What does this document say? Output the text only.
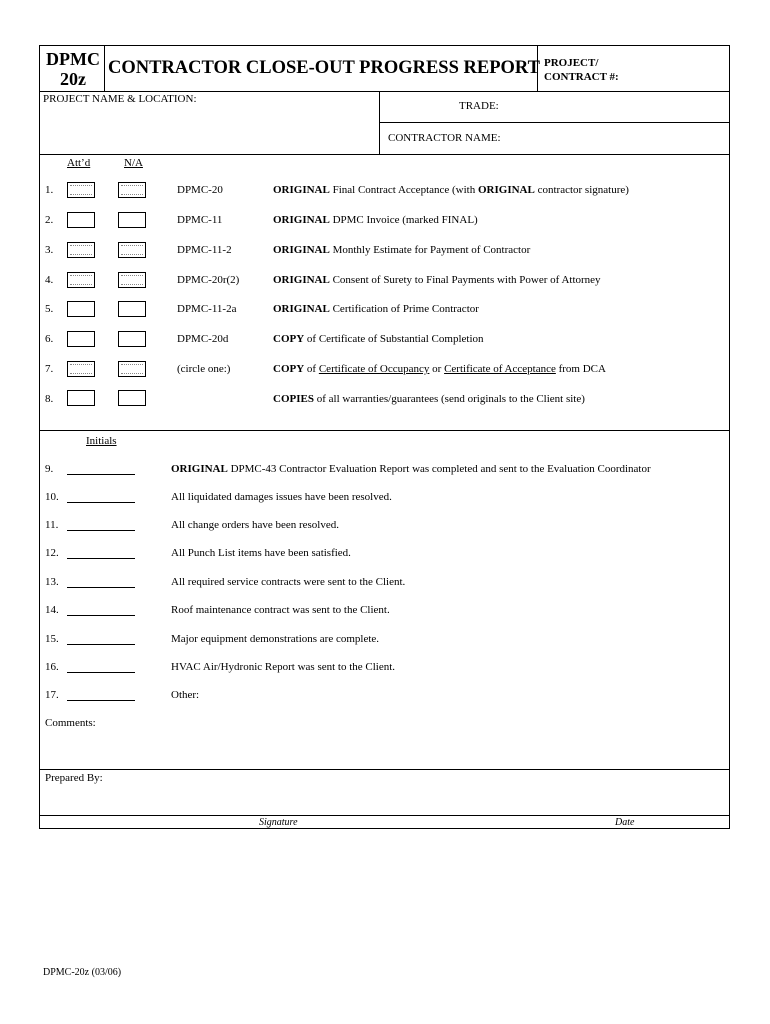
DPMC
20z
CONTRACTOR CLOSE-OUT PROGRESS REPORT PROJECT/
CONTRACT #:
PROJECT NAME & LOCATION:
TRADE:
CONTRACTOR NAME:
Att’d	N/A
1.	DPMC-20	ORIGINAL Final Contract Acceptance (with ORIGINAL contractor signature)
2.	DPMC-11	ORIGINAL DPMC Invoice (marked FINAL)
3.	DPMC-11-2	ORIGINAL Monthly Estimate for Payment of Contractor
4.	DPMC-20r(2)	ORIGINAL Consent of Surety to Final Payments with Power of Attorney
5.	DPMC-11-2a	ORIGINAL Certification of Prime Contractor
6.	DPMC-20d	COPY of Certificate of Substantial Completion
7.	(circle one:)	COPY of Certificate of Occupancy or Certificate of Acceptance from DCA
8.	COPIES of all warranties/guarantees (send originals to the Client site)
Initials
9.	ORIGINAL DPMC-43 Contractor Evaluation Report was completed and sent to the Evaluation Coordinator
10.	All liquidated damages issues have been resolved.
11.	All change orders have been resolved.
12.	All Punch List items have been satisfied.
13.	All required service contracts were sent to the Client.
14.	Roof maintenance contract was sent to the Client.
15.	Major equipment demonstrations are complete.
16.	HVAC Air/Hydronic Report was sent to the Client.
17.	Other:
Comments:
Prepared By:
Signature	Date
DPMC-20z (03/06)
